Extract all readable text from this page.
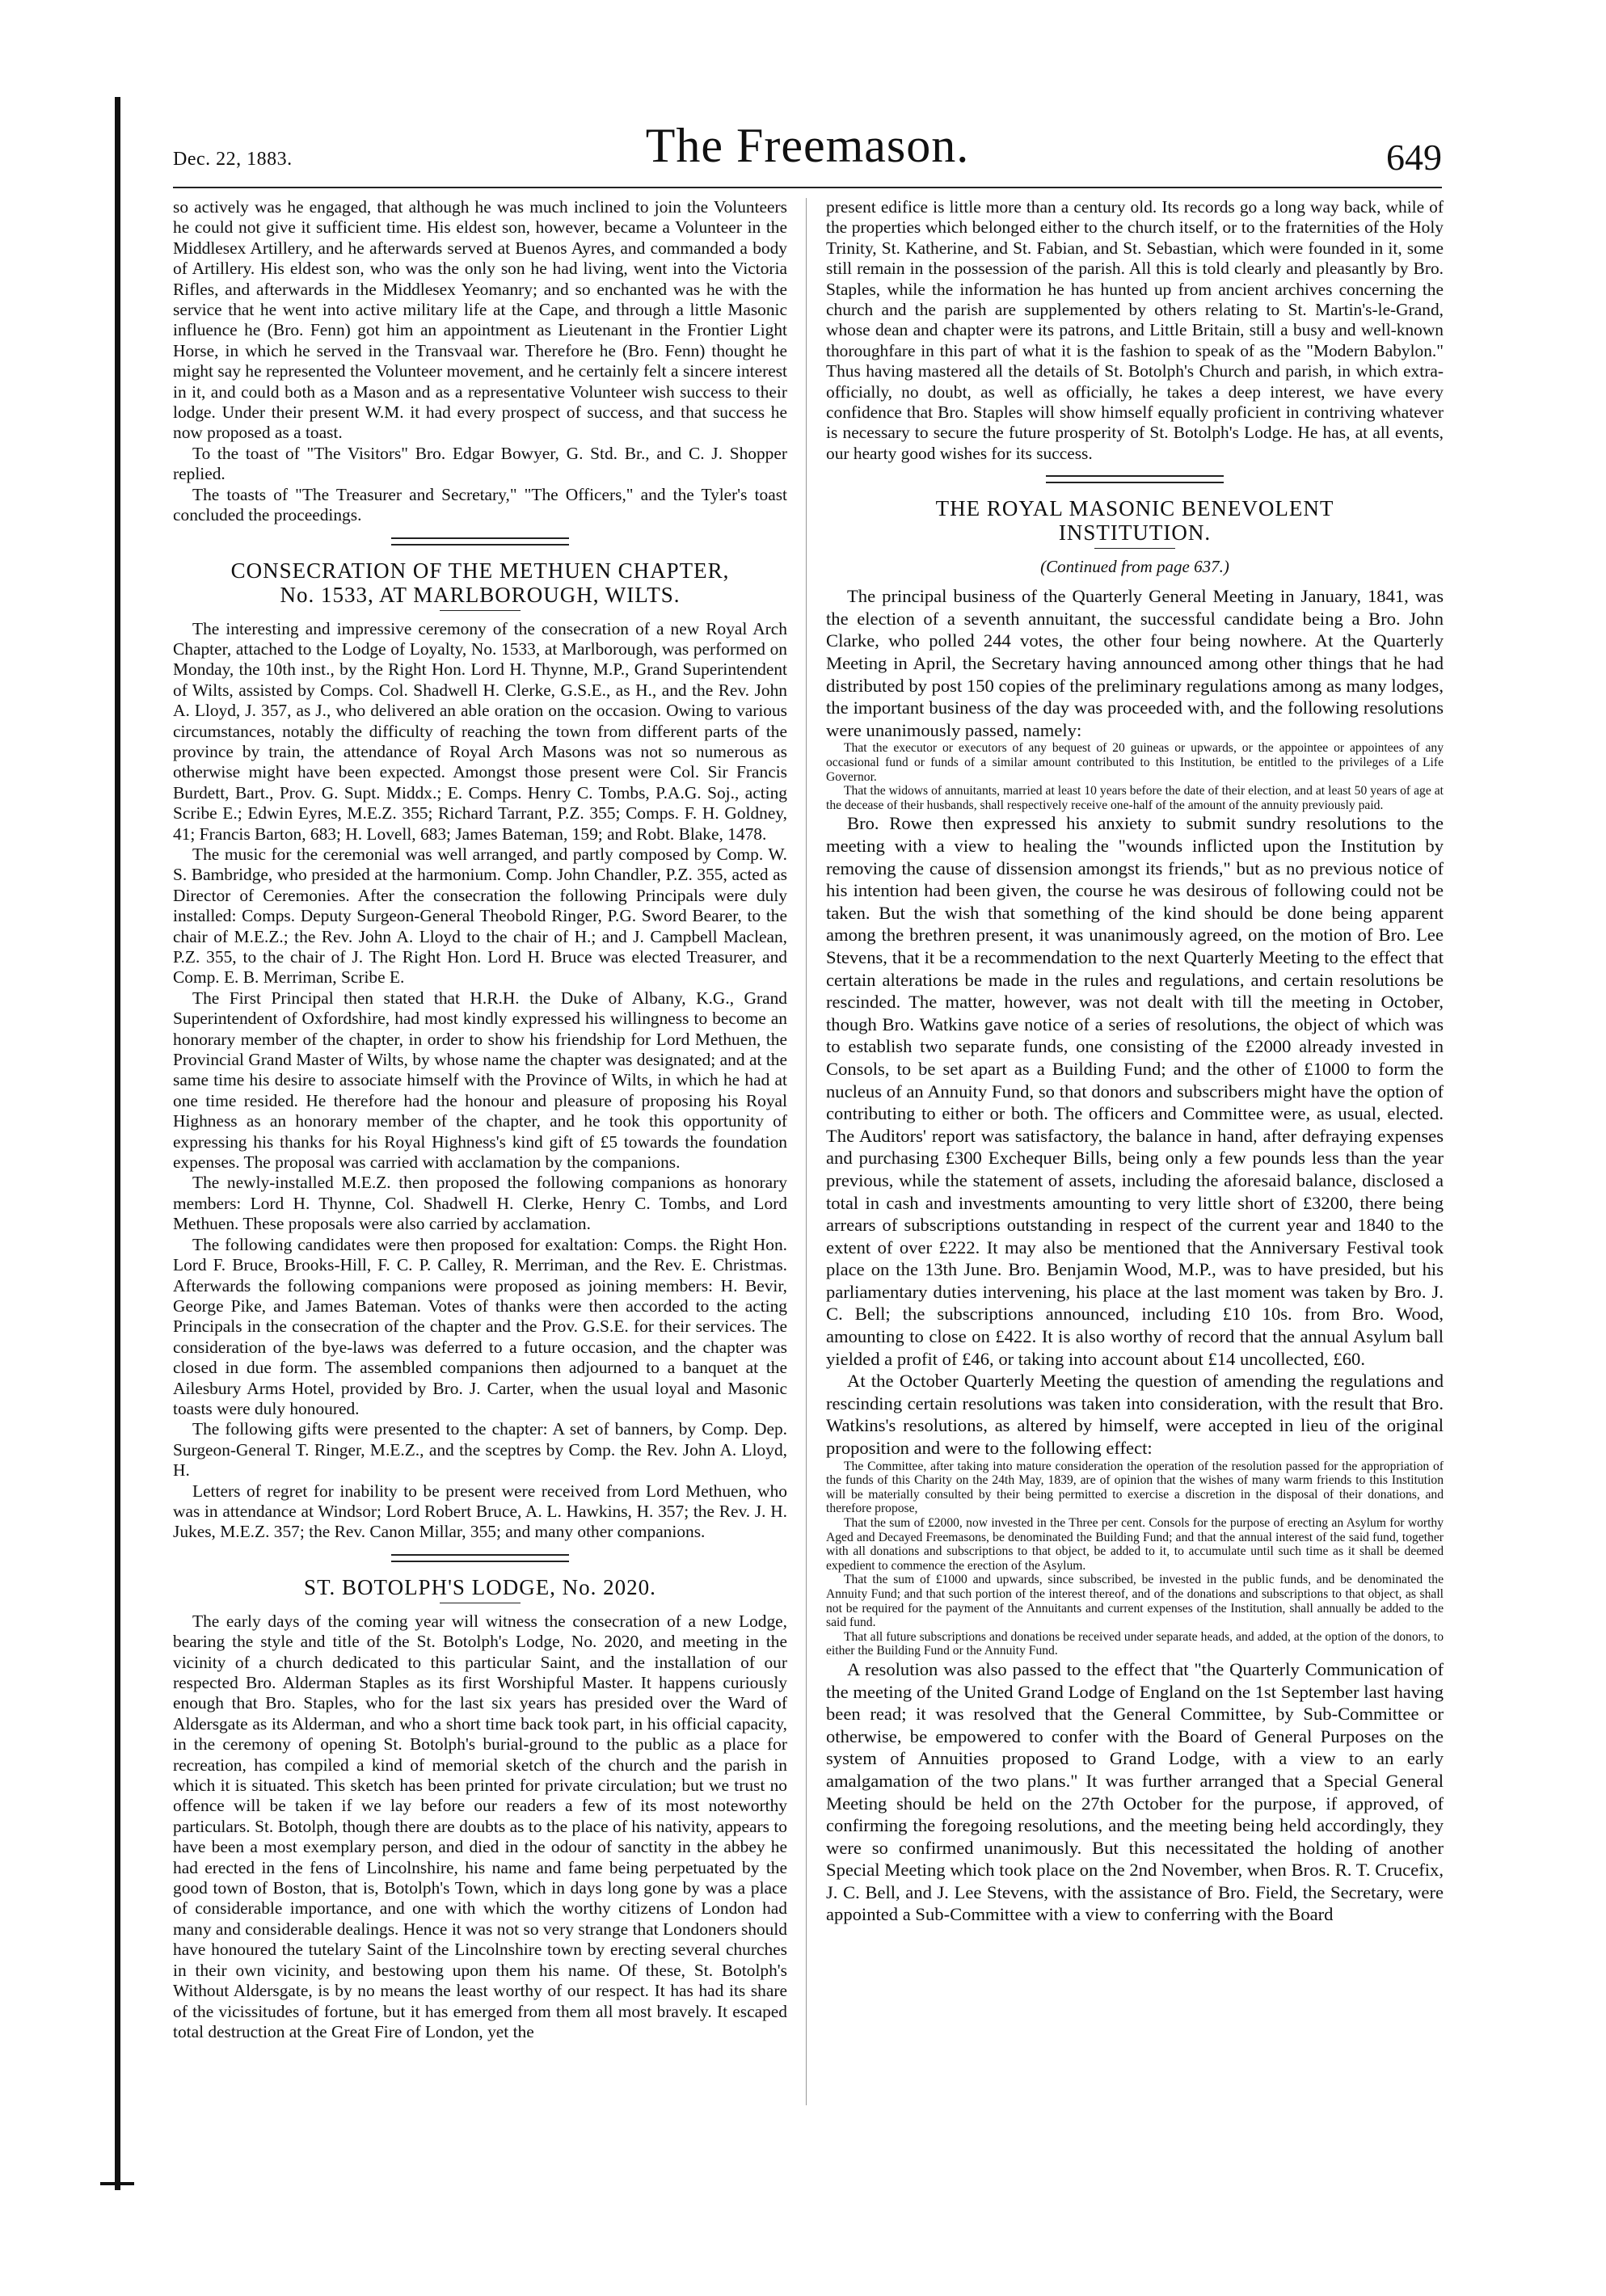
Dec. 22, 1883.	The Freemason.	649

so actively was he engaged, that although he was much inclined to join the Volunteers he could not give it sufficient time. His eldest son, however, became a Volunteer in the Middlesex Artillery, and he afterwards served at Buenos Ayres, and commanded a body of Artillery. His eldest son, who was the only son he had living, went into the Victoria Rifles, and afterwards in the Middlesex Yeomanry; and so enchanted was he with the service that he went into active military life at the Cape, and through a little Masonic influence he (Bro. Fenn) got him an appointment as Lieutenant in the Frontier Light Horse, in which he served in the Transvaal war. Therefore he (Bro. Fenn) thought he might say he represented the Volunteer movement, and he certainly felt a sincere interest in it, and could both as a Mason and as a representative Volunteer wish success to their lodge. Under their present W.M. it had every prospect of success, and that success he now proposed as a toast.

To the toast of "The Visitors" Bro. Edgar Bowyer, G. Std. Br., and C. J. Shopper replied.

The toasts of "The Treasurer and Secretary," "The Officers," and the Tyler's toast concluded the proceedings.

CONSECRATION OF THE METHUEN CHAPTER,

No. 1533, AT MARLBOROUGH, WILTS.

The interesting and impressive ceremony of the consecration of a new Royal Arch Chapter, attached to the Lodge of Loyalty, No. 1533, at Marlborough, was performed on Monday, the 10th inst., by the Right Hon. Lord H. Thynne, M.P., Grand Superintendent of Wilts, assisted by Comps. Col. Shadwell H. Clerke, G.S.E., as H., and the Rev. John A. Lloyd, J. 357, as J., who delivered an able oration on the occasion. Owing to various circumstances, notably the difficulty of reaching the town from different parts of the province by train, the attendance of Royal Arch Masons was not so numerous as otherwise might have been expected. Amongst those present were Col. Sir Francis Burdett, Bart., Prov. G. Supt. Middx.; E. Comps. Henry C. Tombs, P.A.G. Soj., acting Scribe E.; Edwin Eyres, M.E.Z. 355; Richard Tarrant, P.Z. 355; Comps. F. H. Goldney, 41; Francis Barton, 683; H. Lovell, 683; James Bateman, 159; and Robt. Blake, 1478.

The music for the ceremonial was well arranged, and partly composed by Comp. W. S. Bambridge, who presided at the harmonium. Comp. John Chandler, P.Z. 355, acted as Director of Ceremonies. After the consecration the following Principals were duly installed: Comps. Deputy Surgeon-General Theobold Ringer, P.G. Sword Bearer, to the chair of M.E.Z.; the Rev. John A. Lloyd to the chair of H.; and J. Campbell Maclean, P.Z. 355, to the chair of J. The Right Hon. Lord H. Bruce was elected Treasurer, and Comp. E. B. Merriman, Scribe E.

The First Principal then stated that H.R.H. the Duke of Albany, K.G., Grand Superintendent of Oxfordshire, had most kindly expressed his willingness to become an honorary member of the chapter, in order to show his friendship for Lord Methuen, the Provincial Grand Master of Wilts, by whose name the chapter was designated; and at the same time his desire to associate himself with the Province of Wilts, in which he had at one time resided. He therefore had the honour and pleasure of proposing his Royal Highness as an honorary member of the chapter, and he took this opportunity of expressing his thanks for his Royal Highness's kind gift of £5 towards the foundation expenses. The proposal was carried with acclamation by the companions.

The newly-installed M.E.Z. then proposed the following companions as honorary members: Lord H. Thynne, Col. Shadwell H. Clerke, Henry C. Tombs, and Lord Methuen. These proposals were also carried by acclamation.

The following candidates were then proposed for exaltation: Comps. the Right Hon. Lord F. Bruce, Brooks-Hill, F. C. P. Calley, R. Merriman, and the Rev. E. Christmas. Afterwards the following companions were proposed as joining members: H. Bevir, George Pike, and James Bateman. Votes of thanks were then accorded to the acting Principals in the consecration of the chapter and the Prov. G.S.E. for their services. The consideration of the bye-laws was deferred to a future occasion, and the chapter was closed in due form. The assembled companions then adjourned to a banquet at the Ailesbury Arms Hotel, provided by Bro. J. Carter, when the usual loyal and Masonic toasts were duly honoured.

The following gifts were presented to the chapter: A set of banners, by Comp. Dep. Surgeon-General T. Ringer, M.E.Z., and the sceptres by Comp. the Rev. John A. Lloyd, H.

Letters of regret for inability to be present were received from Lord Methuen, who was in attendance at Windsor; Lord Robert Bruce, A. L. Hawkins, H. 357; the Rev. J. H. Jukes, M.E.Z. 357; the Rev. Canon Millar, 355; and many other companions.

ST. BOTOLPH'S LODGE, No. 2020.

The early days of the coming year will witness the consecration of a new Lodge, bearing the style and title of the St. Botolph's Lodge, No. 2020, and meeting in the vicinity of a church dedicated to this particular Saint, and the installation of our respected Bro. Alderman Staples as its first Worshipful Master. It happens curiously enough that Bro. Staples, who for the last six years has presided over the Ward of Aldersgate as its Alderman, and who a short time back took part, in his official capacity, in the ceremony of opening St. Botolph's burial-ground to the public as a place for recreation, has compiled a kind of memorial sketch of the church and the parish in which it is situated. This sketch has been printed for private circulation; but we trust no offence will be taken if we lay before our readers a few of its most noteworthy particulars. St. Botolph, though there are doubts as to the place of his nativity, appears to have been a most exemplary person, and died in the odour of sanctity in the abbey he had erected in the fens of Lincolnshire, his name and fame being perpetuated by the good town of Boston, that is, Botolph's Town, which in days long gone by was a place of considerable importance, and one with which the worthy citizens of London had many and considerable dealings. Hence it was not so very strange that Londoners should have honoured the tutelary Saint of the Lincolnshire town by erecting several churches in their own vicinity, and bestowing upon them his name. Of these, St. Botolph's Without Aldersgate, is by no means the least worthy of our respect. It has had its share of the vicissitudes of fortune, but it has emerged from them all most bravely. It escaped total destruction at the Great Fire of London, yet the

present edifice is little more than a century old. Its records go a long way back, while of the properties which belonged either to the church itself, or to the fraternities of the Holy Trinity, St. Katherine, and St. Fabian, and St. Sebastian, which were founded in it, some still remain in the possession of the parish. All this is told clearly and pleasantly by Bro. Staples, while the information he has hunted up from ancient archives concerning the church and the parish are supplemented by others relating to St. Martin's-le-Grand, whose dean and chapter were its patrons, and Little Britain, still a busy and well-known thoroughfare in this part of what it is the fashion to speak of as the "Modern Babylon." Thus having mastered all the details of St. Botolph's Church and parish, in which extra-officially, no doubt, as well as officially, he takes a deep interest, we have every confidence that Bro. Staples will show himself equally proficient in contriving whatever is necessary to secure the future prosperity of St. Botolph's Lodge. He has, at all events, our hearty good wishes for its success.

THE ROYAL MASONIC BENEVOLENT

INSTITUTION.

(Continued from page 637.)

The principal business of the Quarterly General Meeting in January, 1841, was the election of a seventh annuitant, the successful candidate being a Bro. John Clarke, who polled 244 votes, the other four being nowhere. At the Quarterly Meeting in April, the Secretary having announced among other things that he had distributed by post 150 copies of the preliminary regulations among as many lodges, the important business of the day was proceeded with, and the following resolutions were unanimously passed, namely:

That the executor or executors of any bequest of 20 guineas or upwards, or the appointee or appointees of any occasional fund or funds of a similar amount contributed to this Institution, be entitled to the privileges of a Life Governor.

That the widows of annuitants, married at least 10 years before the date of their election, and at least 50 years of age at the decease of their husbands, shall respectively receive one-half of the amount of the annuity previously paid.

Bro. Rowe then expressed his anxiety to submit sundry resolutions to the meeting with a view to healing the "wounds inflicted upon the Institution by removing the cause of dissension amongst its friends," but as no previous notice of his intention had been given, the course he was desirous of following could not be taken. But the wish that something of the kind should be done being apparent among the brethren present, it was unanimously agreed, on the motion of Bro. Lee Stevens, that it be a recommendation to the next Quarterly Meeting to the effect that certain alterations be made in the rules and regulations, and certain resolutions be rescinded. The matter, however, was not dealt with till the meeting in October, though Bro. Watkins gave notice of a series of resolutions, the object of which was to establish two separate funds, one consisting of the £2000 already invested in Consols, to be set apart as a Building Fund; and the other of £1000 to form the nucleus of an Annuity Fund, so that donors and subscribers might have the option of contributing to either or both. The officers and Committee were, as usual, elected. The Auditors' report was satisfactory, the balance in hand, after defraying expenses and purchasing £300 Exchequer Bills, being only a few pounds less than the year previous, while the statement of assets, including the aforesaid balance, disclosed a total in cash and investments amounting to very little short of £3200, there being arrears of subscriptions outstanding in respect of the current year and 1840 to the extent of over £222. It may also be mentioned that the Anniversary Festival took place on the 13th June. Bro. Benjamin Wood, M.P., was to have presided, but his parliamentary duties intervening, his place at the last moment was taken by Bro. J. C. Bell; the subscriptions announced, including £10 10s. from Bro. Wood, amounting to close on £422. It is also worthy of record that the annual Asylum ball yielded a profit of £46, or taking into account about £14 uncollected, £60.

At the October Quarterly Meeting the question of amending the regulations and rescinding certain resolutions was taken into consideration, with the result that Bro. Watkins's resolutions, as altered by himself, were accepted in lieu of the original proposition and were to the following effect:

The Committee, after taking into mature consideration the operation of the resolution passed for the appropriation of the funds of this Charity on the 24th May, 1839, are of opinion that the wishes of many warm friends to this Institution will be materially consulted by their being permitted to exercise a discretion in the disposal of their donations, and therefore propose,

That the sum of £2000, now invested in the Three per cent. Consols for the purpose of erecting an Asylum for worthy Aged and Decayed Freemasons, be denominated the Building Fund; and that the annual interest of the said fund, together with all donations and subscriptions to that object, be added to it, to accumulate until such time as it shall be deemed expedient to commence the erection of the Asylum.

That the sum of £1000 and upwards, since subscribed, be invested in the public funds, and be denominated the Annuity Fund; and that such portion of the interest thereof, and of the donations and subscriptions to that object, as shall not be required for the payment of the Annuitants and current expenses of the Institution, shall annually be added to the said fund.

That all future subscriptions and donations be received under separate heads, and added, at the option of the donors, to either the Building Fund or the Annuity Fund.

A resolution was also passed to the effect that "the Quarterly Communication of the meeting of the United Grand Lodge of England on the 1st September last having been read; it was resolved that the General Committee, by Sub-Committee or otherwise, be empowered to confer with the Board of General Purposes on the system of Annuities proposed to Grand Lodge, with a view to an early amalgamation of the two plans." It was further arranged that a Special General Meeting should be held on the 27th October for the purpose, if approved, of confirming the foregoing resolutions, and the meeting being held accordingly, they were so confirmed unanimously. But this necessitated the holding of another Special Meeting which took place on the 2nd November, when Bros. R. T. Crucefix, J. C. Bell, and J. Lee Stevens, with the assistance of Bro. Field, the Secretary, were appointed a Sub-Committee with a view to conferring with the Board
